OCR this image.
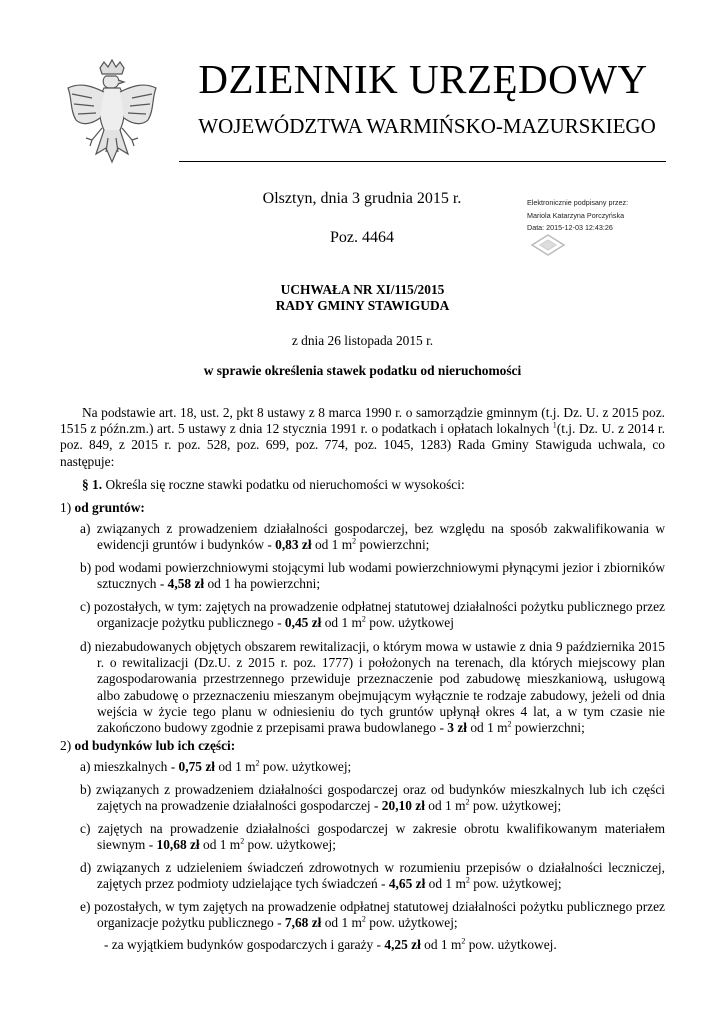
DZIENNIK URZĘDOWY
WOJEWÓDZTWA WARMIŃSKO-MAZURSKIEGO
Olsztyn, dnia 3 grudnia 2015 r.
Poz. 4464
Elektronicznie podpisany przez:
Mariola Katarzyna Porczyńska
Data: 2015-12-03 12:43:26
UCHWAŁA NR XI/115/2015
RADY GMINY STAWIGUDA
z dnia 26 listopada 2015 r.
w sprawie określenia stawek podatku od nieruchomości
Na podstawie art. 18, ust. 2, pkt 8 ustawy z 8 marca 1990 r. o samorządzie gminnym (t.j. Dz. U. z 2015 poz. 1515 z późn.zm.) art. 5 ustawy z dnia 12 stycznia 1991 r. o podatkach i opłatach lokalnych $^1$(t.j. Dz. U. z 2014 r. poz. 849, z 2015 r. poz. 528, poz. 699, poz. 774, poz. 1045, 1283) Rada Gminy Stawiguda uchwala, co następuje:
§ 1. Określa się roczne stawki podatku od nieruchomości w wysokości:
1) od gruntów:
a) związanych z prowadzeniem działalności gospodarczej, bez względu na sposób zakwalifikowania w ewidencji gruntów i budynków - 0,83 zł od 1 $m^2$ powierzchni;
b) pod wodami powierzchniowymi stojącymi lub wodami powierzchniowymi płynącymi jezior i zbiorników sztucznych - 4,58 zł od 1 ha powierzchni;
c) pozostałych, w tym: zajętych na prowadzenie odpłatnej statutowej działalności pożytku publicznego przez organizacje pożytku publicznego - 0,45 zł od 1 $m^2$ pow. użytkowej
d) niezabudowanych objętych obszarem rewitalizacji, o którym mowa w ustawie z dnia 9 października 2015 r. o rewitalizacji (Dz.U. z 2015 r. poz. 1777) i położonych na terenach, dla których miejscowy plan zagospodarowania przestrzennego przewiduje przeznaczenie pod zabudowę mieszkaniową, usługową albo zabudowę o przeznaczeniu mieszanym obejmującym wyłącznie te rodzaje zabudowy, jeżeli od dnia wejścia w życie tego planu w odniesieniu do tych gruntów upłynął okres 4 lat, a w tym czasie nie zakończono budowy zgodnie z przepisami prawa budowlanego - 3 zł od 1 $m^2$ powierzchni;
2) od budynków lub ich części:
a) mieszkalnych - 0,75 zł od 1 $m^2$ pow. użytkowej;
b) związanych z prowadzeniem działalności gospodarczej oraz od budynków mieszkalnych lub ich części zajętych na prowadzenie działalności gospodarczej - 20,10 zł od 1 $m^2$ pow. użytkowej;
c) zajętych na prowadzenie działalności gospodarczej w zakresie obrotu kwalifikowanym materiałem siewnym - 10,68 zł od 1 $m^2$ pow. użytkowej;
d) związanych z udzieleniem świadczeń zdrowotnych w rozumieniu przepisów o działalności leczniczej, zajętych przez podmioty udzielające tych świadczeń - 4,65 zł od 1 $m^2$ pow. użytkowej;
e) pozostałych, w tym zajętych na prowadzenie odpłatnej statutowej działalności pożytku publicznego przez organizacje pożytku publicznego - 7,68 zł od 1 $m^2$ pow. użytkowej;
- za wyjątkiem budynków gospodarczych i garaży - 4,25 zł od 1 $m^2$ pow. użytkowej.
